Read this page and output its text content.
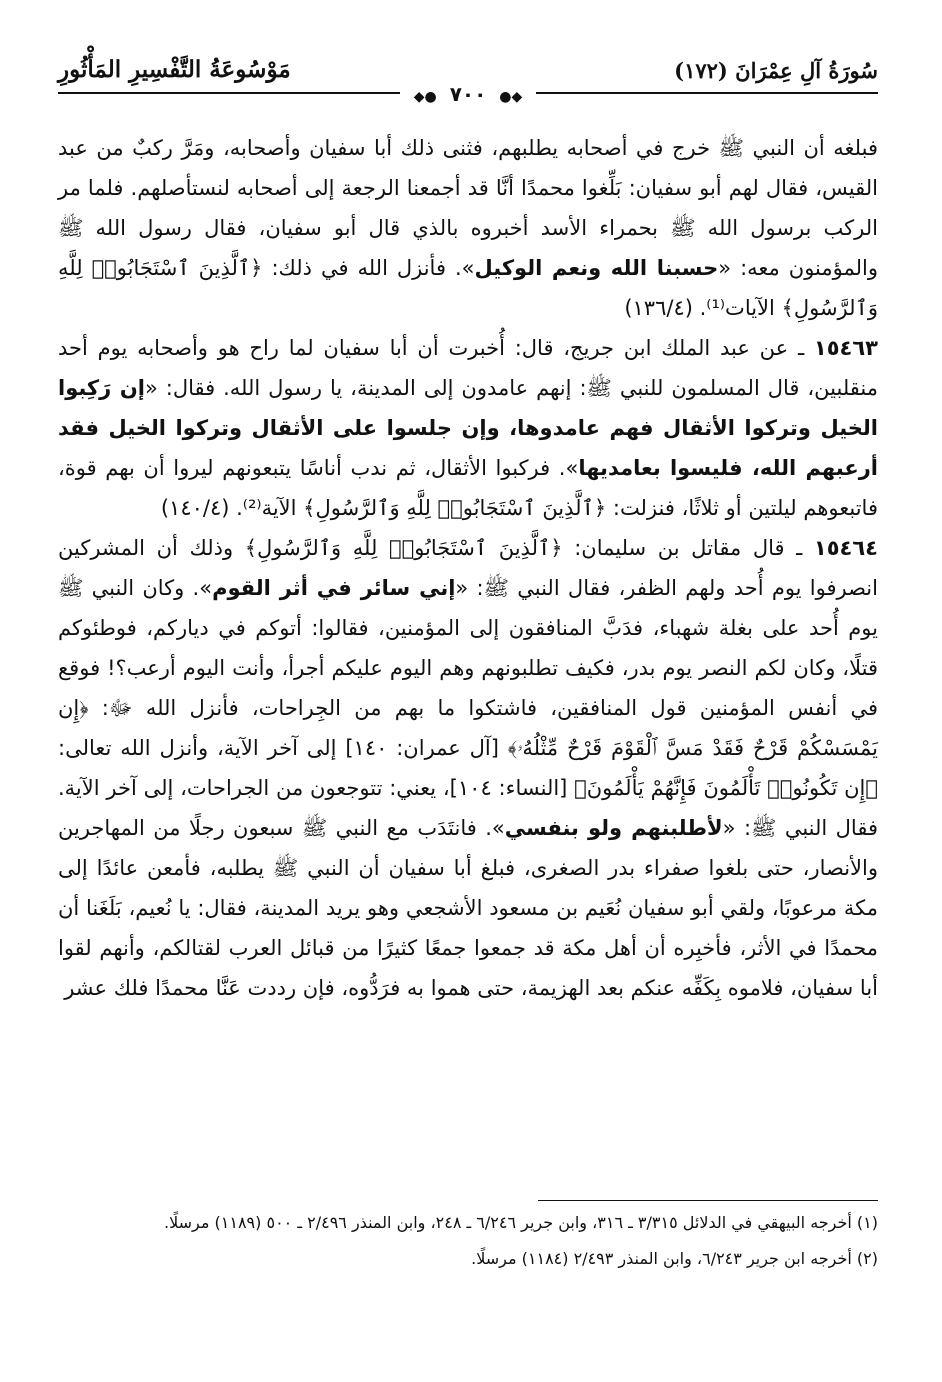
سُورَةُ آلِ عِمْرَانَ (١٧٢)
مَوْسُوعَةُ التَّفْسِيرِ المَأْثُورِ
◆● ٧٠٠ ●◆

فبلغه أن النبي ﷺ خرج في أصحابه يطلبهم، فثنى ذلك أبا سفيان وأصحابه، ومَرَّ ركبٌ من عبد القيس، فقال لهم أبو سفيان: بَلِّغوا محمدًا أنَّا قد أجمعنا الرجعة إلى أصحابه لنستأصلهم. فلما مر الركب برسول الله ﷺ بحمراء الأسد أخبروه بالذي قال أبو سفيان، فقال رسول الله ﷺ والمؤمنون معه: «حسبنا الله ونعم الوكيل». فأنزل الله في ذلك: ﴿ٱلَّذِينَ ٱسْتَجَابُوا۟ لِلَّهِ وَٱلرَّسُولِ﴾ الآيات⁽¹⁾. (١٣٦/٤)

١٥٤٦٣ ـ عن عبد الملك ابن جريج، قال: أُخبرت أن أبا سفيان لما راح هو وأصحابه يوم أحد منقلبين، قال المسلمون للنبي ﷺ: إنهم عامدون إلى المدينة، يا رسول الله. فقال: «إن رَكِبوا الخيل وتركوا الأثقال فهم عامدوها، وإن جلسوا على الأثقال وتركوا الخيل فقد أرعبهم الله، فليسوا بعامديها». فركبوا الأثقال، ثم ندب أناسًا يتبعونهم ليروا أن بهم قوة، فاتبعوهم ليلتين أو ثلاثًا، فنزلت: ﴿ٱلَّذِينَ ٱسْتَجَابُوا۟ لِلَّهِ وَٱلرَّسُولِ﴾ الآية⁽²⁾. (١٤٠/٤)

١٥٤٦٤ ـ قال مقاتل بن سليمان: ﴿ٱلَّذِينَ ٱسْتَجَابُوا۟ لِلَّهِ وَٱلرَّسُولِ﴾ وذلك أن المشركين انصرفوا يوم أُحد ولهم الظفر، فقال النبي ﷺ: «إني سائر في أثر القوم». وكان النبي ﷺ يوم أُحد على بغلة شهباء، فدَبَّ المنافقون إلى المؤمنين، فقالوا: أتوكم في دياركم، فوطئوكم قتلًا، وكان لكم النصر يوم بدر، فكيف تطلبونهم وهم اليوم عليكم أجرأ، وأنت اليوم أرعب؟! فوقع في أنفس المؤمنين قول المنافقين، فاشتكوا ما بهم من الجِراحات، فأنزل الله ﷻ: ﴿إِن يَمْسَسْكُمْ قَرْحٌ فَقَدْ مَسَّ ٱلْقَوْمَ قَرْحٌ مِّثْلُهُۥ﴾ [آل عمران: ١٤٠] إلى آخر الآية، وأنزل الله تعالى: ﴿إِن تَكُونُوا۟ تَأْلَمُونَ فَإِنَّهُمْ يَأْلَمُونَ﴾ [النساء: ١٠٤]، يعني: تتوجعون من الجراحات، إلى آخر الآية. فقال النبي ﷺ: «لأطلبنهم ولو بنفسي». فانتَدَب مع النبي ﷺ سبعون رجلًا من المهاجرين والأنصار، حتى بلغوا صفراء بدر الصغرى، فبلغ أبا سفيان أن النبي ﷺ يطلبه، فأمعن عائدًا إلى مكة مرعوبًا، ولقي أبو سفيان نُعَيم بن مسعود الأشجعي وهو يريد المدينة، فقال: يا نُعيم، بَلَغَنا أن محمدًا في الأثر، فأخبِره أن أهل مكة قد جمعوا جمعًا كثيرًا من قبائل العرب لقتالكم، وأنهم لقوا أبا سفيان، فلاموه بِكَفِّه عنكم بعد الهزيمة، حتى هموا به فرَدُّوه، فإن رددت عَنَّا محمدًا فلك عشر

(١) أخرجه البيهقي في الدلائل ٣/٣١٥ ـ ٣١٦، وابن جرير ٦/٢٤٦ ـ ٢٤٨، وابن المنذر ٢/٤٩٦ ـ ٥٠٠ (١١٨٩) مرسلًا.

(٢) أخرجه ابن جرير ٦/٢٤٣، وابن المنذر ٢/٤٩٣ (١١٨٤) مرسلًا.
